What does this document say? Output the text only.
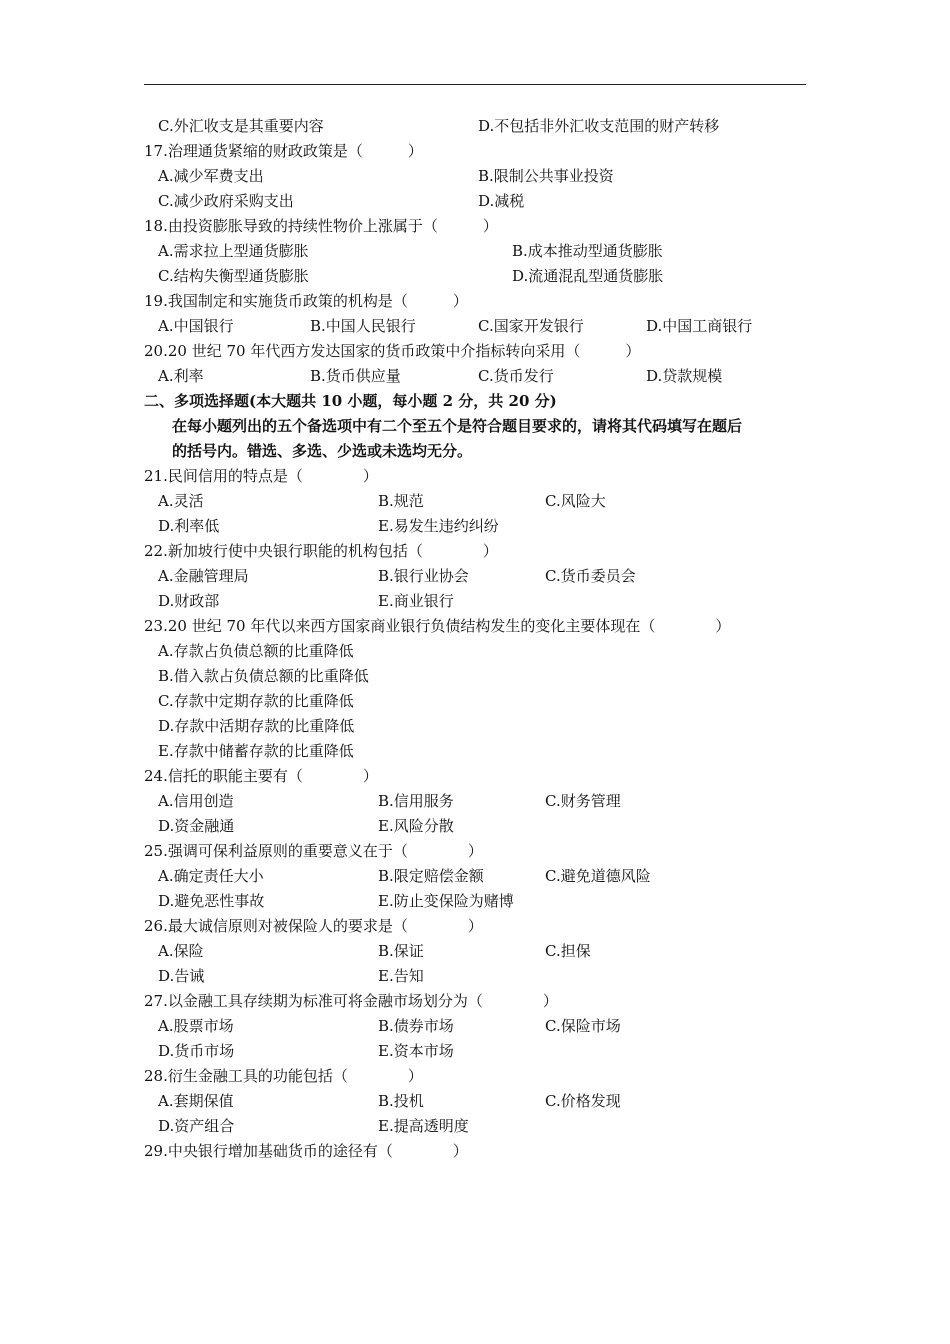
C.外汇收支是其重要内容	D.不包括非外汇收支范围的财产转移
17.治理通货紧缩的财政政策是（　　　）
A.减少军费支出	B.限制公共事业投资
C.减少政府采购支出	D.减税
18.由投资膨胀导致的持续性物价上涨属于（　　　）
A.需求拉上型通货膨胀	B.成本推动型通货膨胀
C.结构失衡型通货膨胀	D.流通混乱型通货膨胀
19.我国制定和实施货币政策的机构是（　　　）
A.中国银行	B.中国人民银行	C.国家开发银行	D.中国工商银行
20.20 世纪 70 年代西方发达国家的货币政策中介指标转向采用（　　　）
A.利率	B.货币供应量	C.货币发行	D.贷款规模
二、多项选择题(本大题共 10 小题，每小题 2 分，共 20 分)
在每小题列出的五个备选项中有二个至五个是符合题目要求的，请将其代码填写在题后
的括号内。错选、多选、少选或未选均无分。
21.民间信用的特点是（　　　　）
A.灵活	B.规范	C.风险大
D.利率低	E.易发生违约纠纷
22.新加坡行使中央银行职能的机构包括（　　　　）
A.金融管理局	B.银行业协会	C.货币委员会
D.财政部	E.商业银行
23.20 世纪 70 年代以来西方国家商业银行负债结构发生的变化主要体现在（　　　　）
A.存款占负债总额的比重降低
B.借入款占负债总额的比重降低
C.存款中定期存款的比重降低
D.存款中活期存款的比重降低
E.存款中储蓄存款的比重降低
24.信托的职能主要有（　　　　）
A.信用创造	B.信用服务	C.财务管理
D.资金融通	E.风险分散
25.强调可保利益原则的重要意义在于（　　　　）
A.确定责任大小	B.限定赔偿金额	C.避免道德风险
D.避免恶性事故	E.防止变保险为赌博
26.最大诚信原则对被保险人的要求是（　　　　）
A.保险	B.保证	C.担保
D.告诫	E.告知
27.以金融工具存续期为标准可将金融市场划分为（　　　　）
A.股票市场	B.债券市场	C.保险市场
D.货币市场	E.资本市场
28.衍生金融工具的功能包括（　　　　）
A.套期保值	B.投机	C.价格发现
D.资产组合	E.提高透明度
29.中央银行增加基础货币的途径有（　　　　）
